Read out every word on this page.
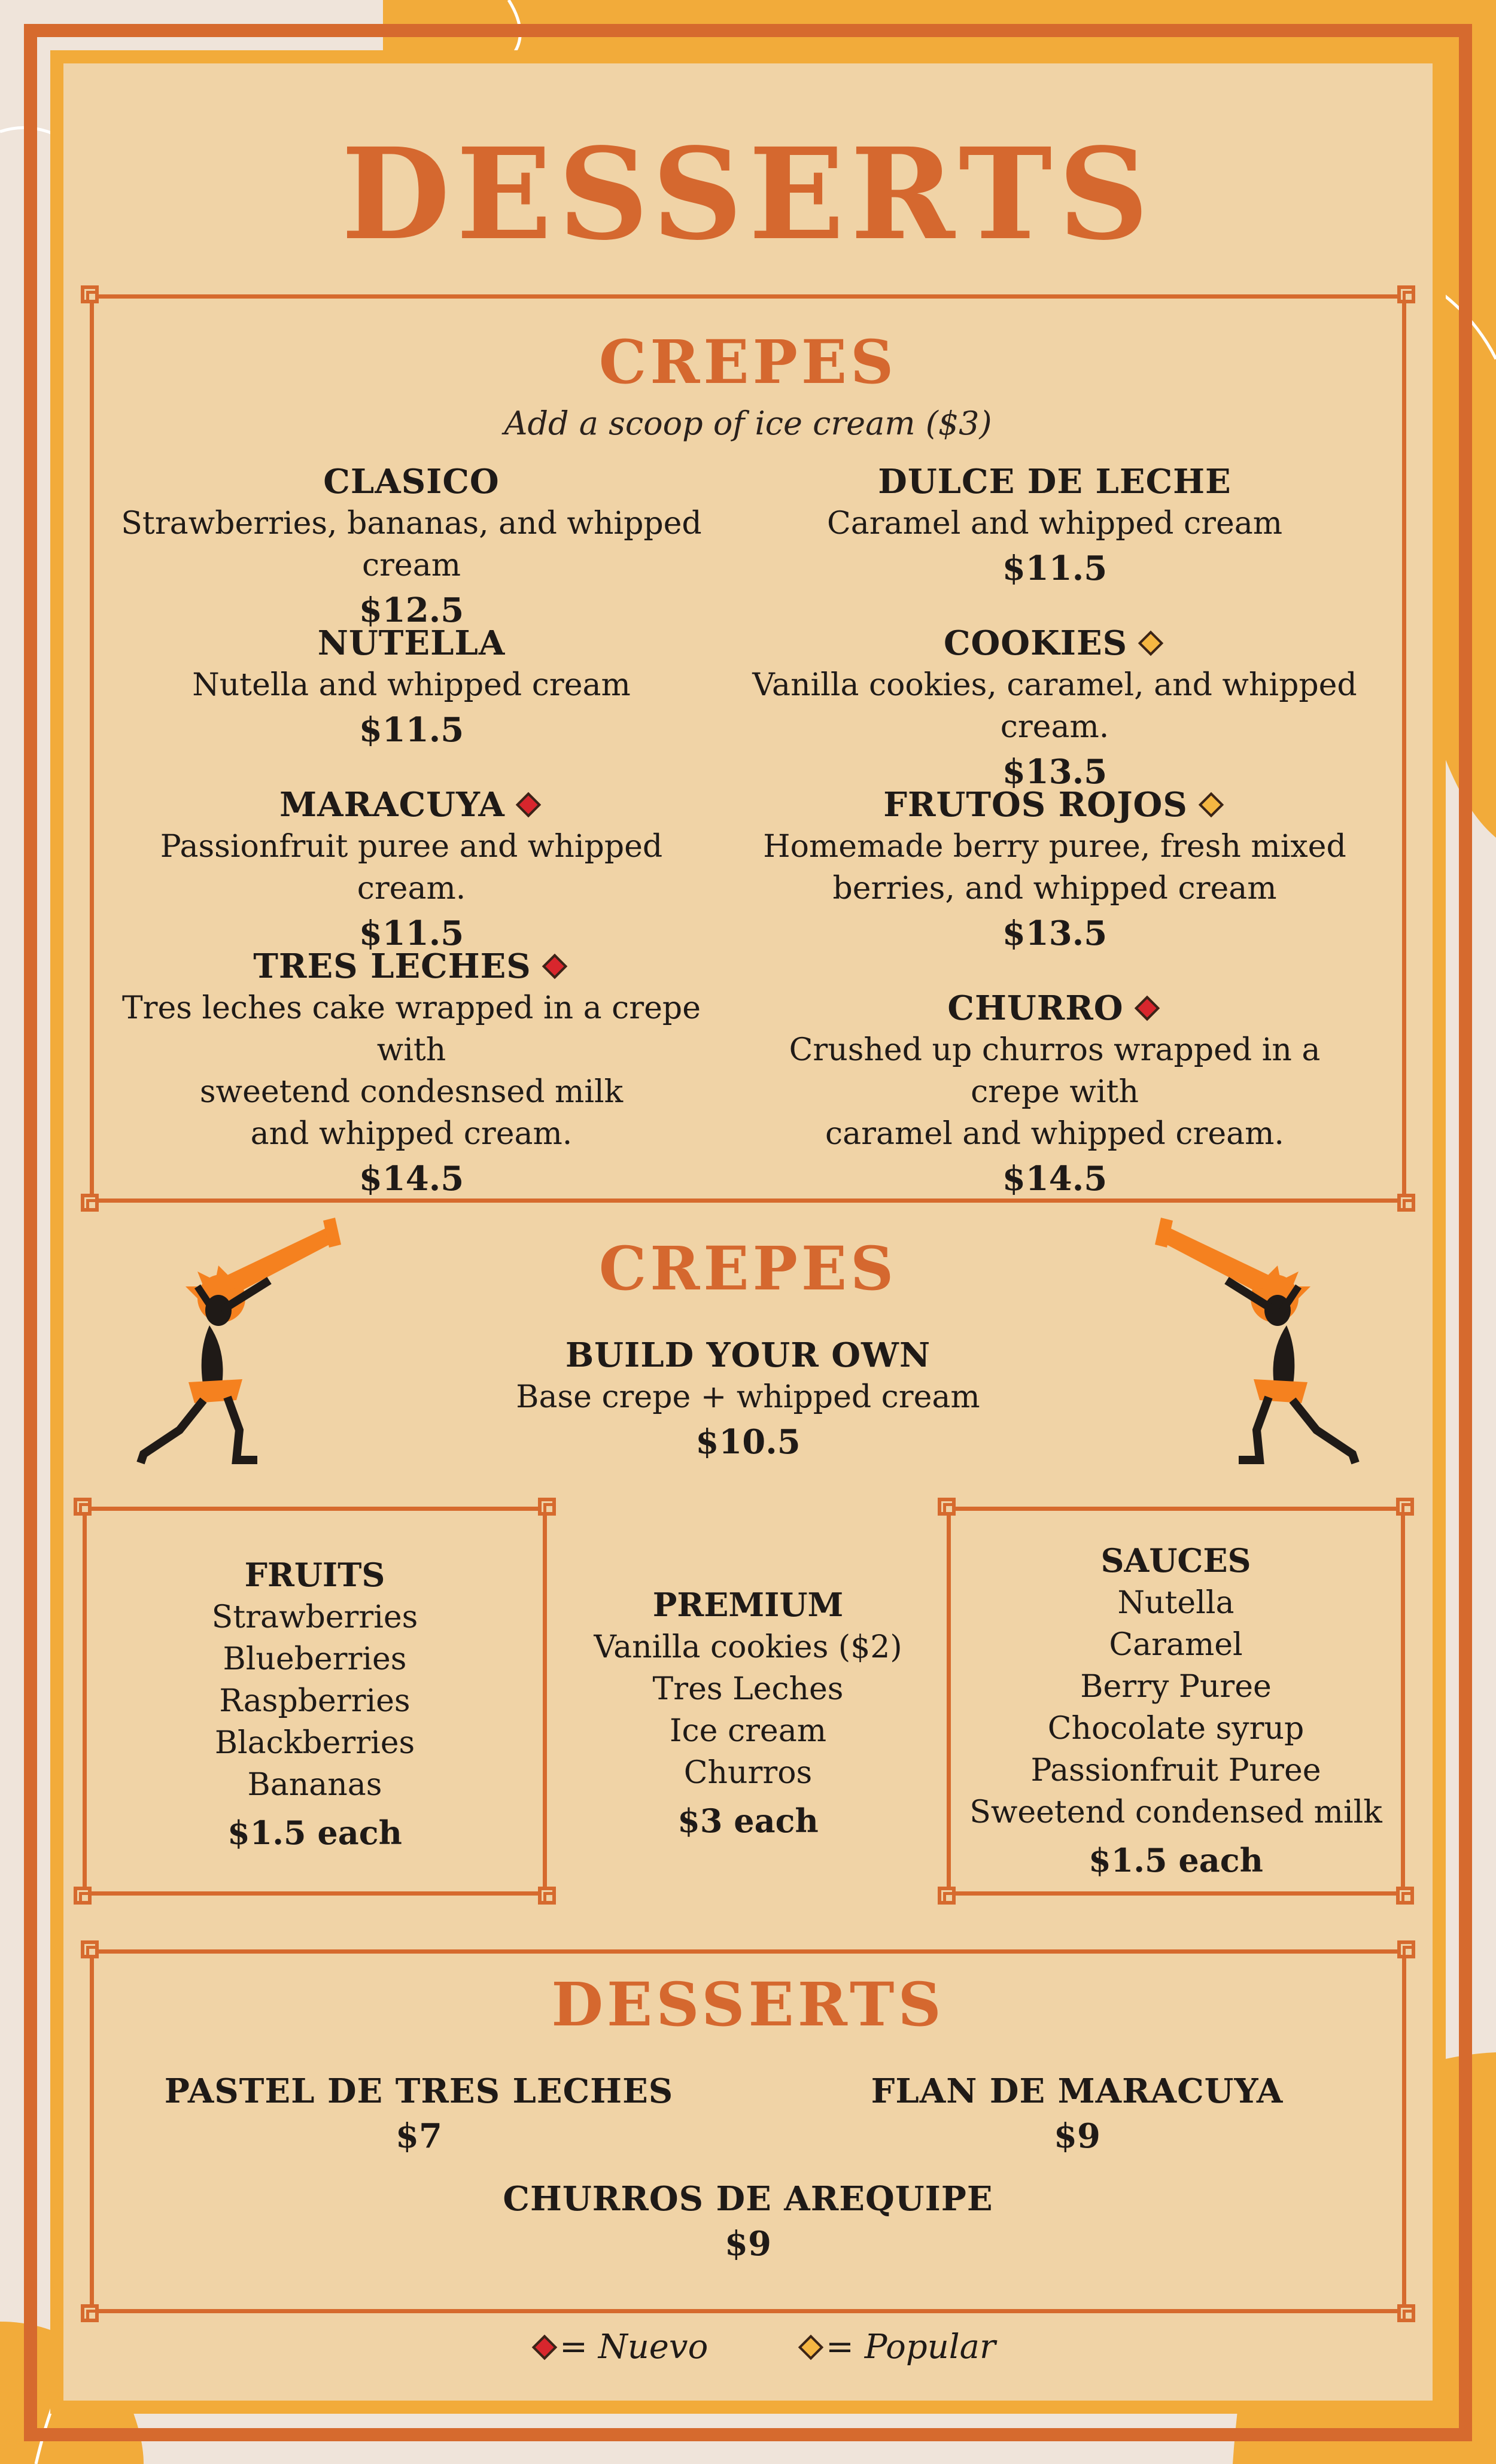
DESSERTS
CREPES
Add a scoop of ice cream ($3)
CLASICO
Strawberries, bananas, and whipped cream
$12.5
DULCE DE LECHE
Caramel and whipped cream
$11.5
NUTELLA
Nutella and whipped cream
$11.5
COOKIES
Vanilla cookies, caramel, and whipped cream.
$13.5
MARACUYA
Passionfruit puree and whipped cream.
$11.5
FRUTOS ROJOS
Homemade berry puree, fresh mixed
berries, and whipped cream
$13.5
TRES LECHES
Tres leches cake wrapped in a crepe with
sweetend condesnsed milk
and whipped cream.
$14.5
CHURRO
Crushed up churros wrapped in a crepe with
caramel and whipped cream.
$14.5
CREPES
BUILD YOUR OWN
Base crepe + whipped cream
$10.5
FRUITS
Strawberries
Blueberries
Raspberries
Blackberries
Bananas
$1.5 each
PREMIUM
Vanilla cookies ($2)
Tres Leches
Ice cream
Churros
$3 each
SAUCES
Nutella
Caramel
Berry Puree
Chocolate syrup
Passionfruit Puree
Sweetend condensed milk
$1.5 each
DESSERTS
PASTEL DE TRES LECHES
$7
FLAN DE MARACUYA
$9
CHURROS DE AREQUIPE
$9
= Nuevo	= Popular
